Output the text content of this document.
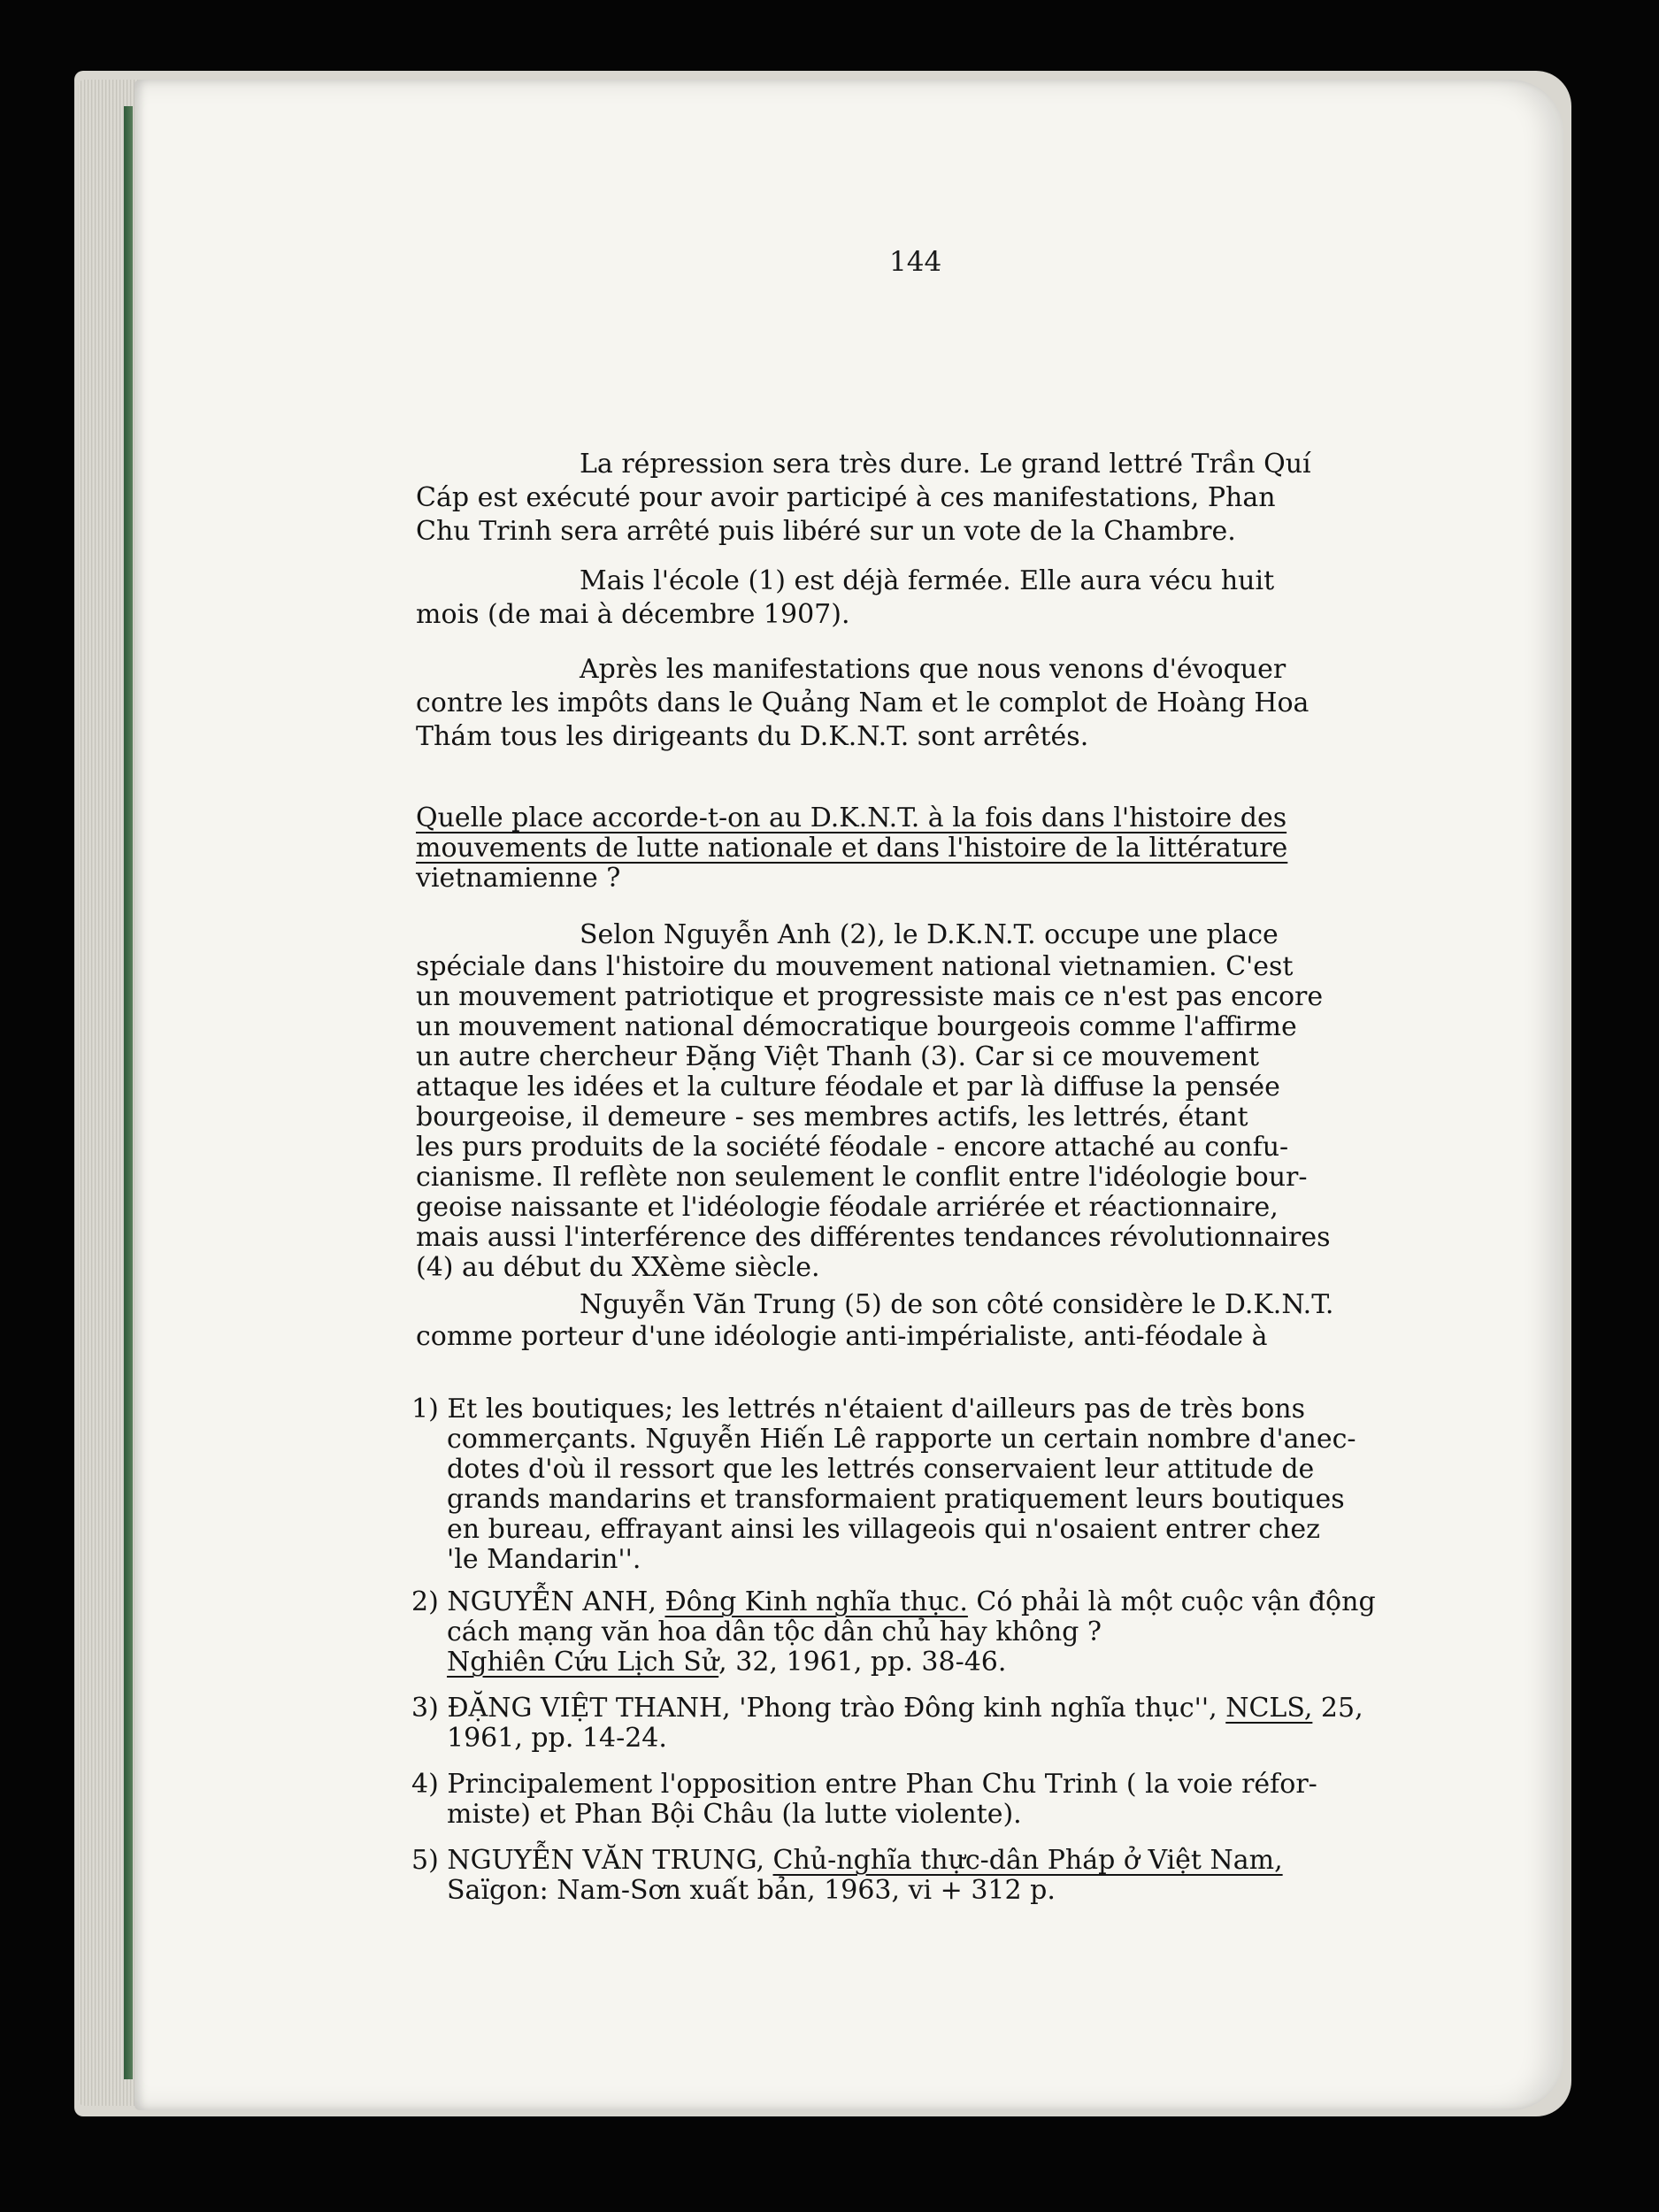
144
La répression sera très dure. Le grand lettré Trần Quí
Cáp est exécuté pour avoir participé à ces manifestations, Phan
Chu Trinh sera arrêté puis libéré sur un vote de la Chambre.
Mais l'école (1) est déjà fermée. Elle aura vécu huit
mois (de mai à décembre 1907).
Après les manifestations que nous venons d'évoquer
contre les impôts dans le Quảng Nam et le complot de Hoàng Hoa
Thám tous les dirigeants du D.K.N.T. sont arrêtés.
Quelle place accorde-t-on au D.K.N.T. à la fois dans l'histoire des
mouvements de lutte nationale et dans l'histoire de la littérature
vietnamienne ?
Selon Nguyễn Anh (2), le D.K.N.T. occupe une place
spéciale dans l'histoire du mouvement national vietnamien. C'est
un mouvement patriotique et progressiste mais ce n'est pas encore
un mouvement national démocratique bourgeois comme l'affirme
un autre chercheur Đặng Việt Thanh (3). Car si ce mouvement
attaque les idées et la culture féodale et par là diffuse la pensée
bourgeoise, il demeure - ses membres actifs, les lettrés, étant
les purs produits de la société féodale - encore attaché au confu-
cianisme. Il reflète non seulement le conflit entre l'idéologie bour-
geoise naissante et l'idéologie féodale arriérée et réactionnaire,
mais aussi l'interférence des différentes tendances révolutionnaires
(4) au début du XXème siècle.
Nguyễn Văn Trung (5) de son côté considère le D.K.N.T.
comme porteur d'une idéologie anti-impérialiste, anti-féodale à
1) Et les boutiques; les lettrés n'étaient d'ailleurs pas de très bons
commerçants. Nguyễn Hiến Lê rapporte un certain nombre d'anec-
dotes d'où il ressort que les lettrés conservaient leur attitude de
grands mandarins et transformaient pratiquement leurs boutiques
en bureau, effrayant ainsi les villageois qui n'osaient entrer chez
'le Mandarin''.
2) NGUYỄN ANH, Đông Kinh nghĩa thục. Có phải là một cuộc vận động
cách mạng văn hoa dân tộc dân chủ hay không ?
Nghiên Cứu Lịch Sử, 32, 1961, pp. 38-46.
3) ĐẶNG VIỆT THANH, 'Phong trào Đông kinh nghĩa thục'', NCLS, 25,
1961, pp. 14-24.
4) Principalement l'opposition entre Phan Chu Trinh ( la voie réfor-
miste) et Phan Bội Châu (la lutte violente).
5) NGUYỄN VĂN TRUNG, Chủ-nghĩa thực-dân Pháp ở Việt Nam,
Saïgon: Nam-Sơn xuất bản, 1963, vi + 312 p.
